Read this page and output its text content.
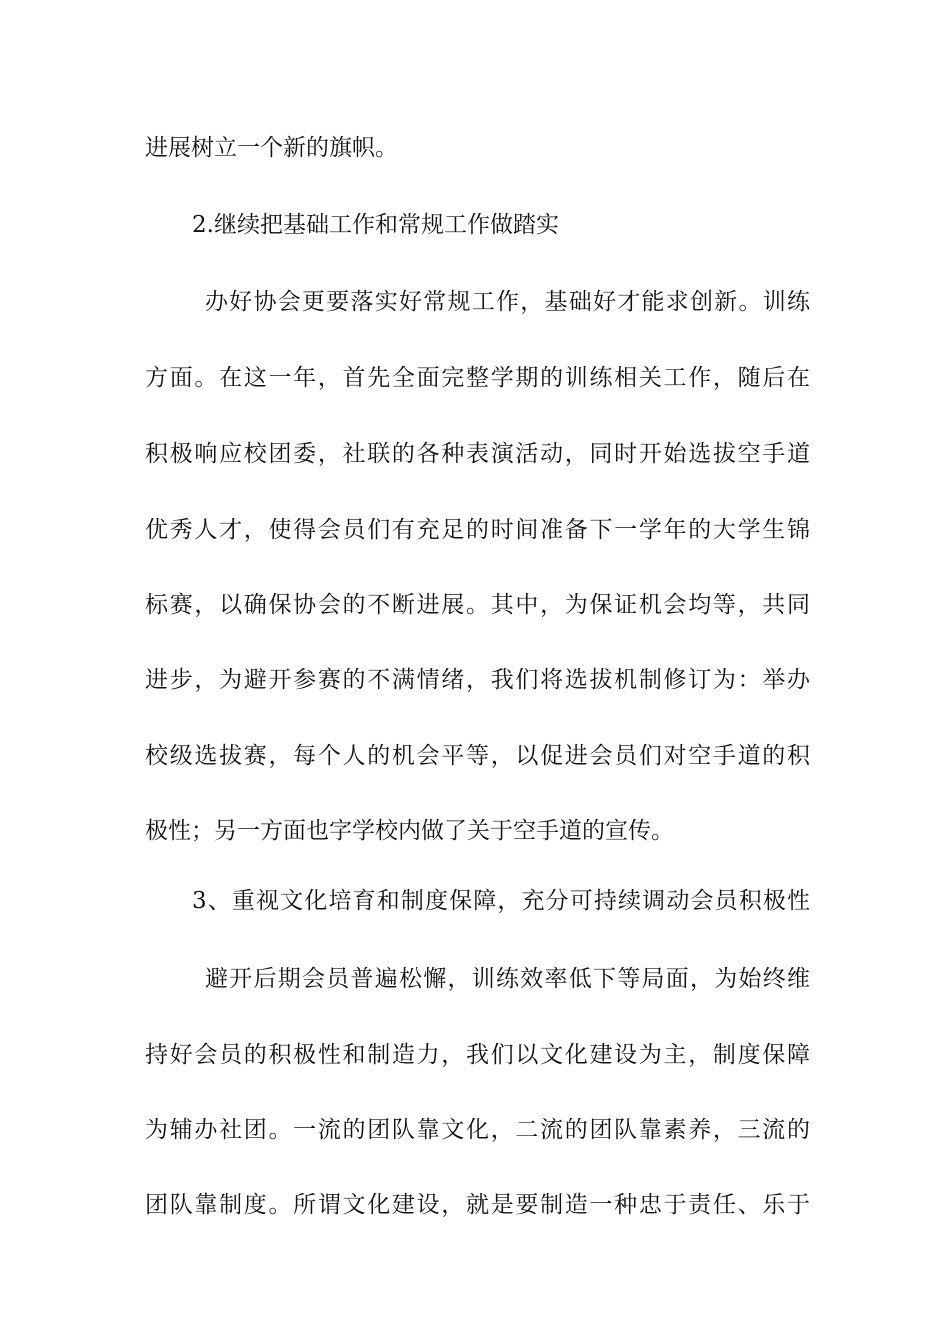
进展树立一个新的旗帜。
2.继续把基础工作和常规工作做踏实
办好协会更要落实好常规工作，基础好才能求创新。训练
方面。在这一年，首先全面完整学期的训练相关工作，随后在
积极响应校团委，社联的各种表演活动，同时开始选拔空手道
优秀人才，使得会员们有充足的时间准备下一学年的大学生锦
标赛，以确保协会的不断进展。其中，为保证机会均等，共同
进步，为避开参赛的不满情绪，我们将选拔机制修订为：举办
校级选拔赛，每个人的机会平等，以促进会员们对空手道的积
极性；另一方面也字学校内做了关于空手道的宣传。
3、重视文化培育和制度保障，充分可持续调动会员积极性
避开后期会员普遍松懈，训练效率低下等局面，为始终维
持好会员的积极性和制造力，我们以文化建设为主，制度保障
为辅办社团。一流的团队靠文化，二流的团队靠素养，三流的
团队靠制度。所谓文化建设，就是要制造一种忠于责任、乐于
